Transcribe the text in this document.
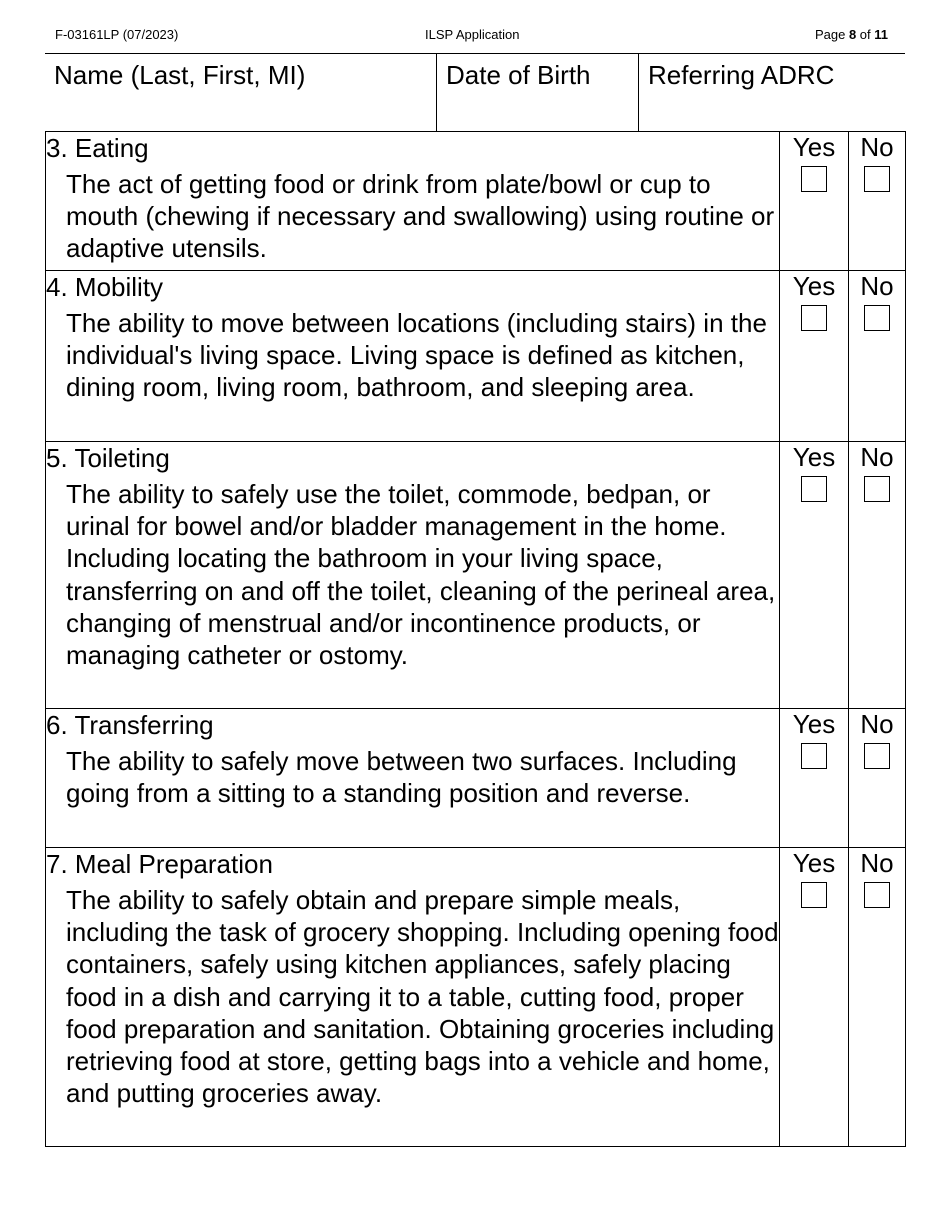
F-03161LP (07/2023)	ILSP Application	Page 8 of 11
Name (Last, First, MI)	Date of Birth	Referring ADRC
3. Eating
The act of getting food or drink from plate/bowl or cup to mouth (chewing if necessary and swallowing) using routine or adaptive utensils.	Yes	No

4. Mobility
The ability to move between locations (including stairs) in the individual's living space. Living space is defined as kitchen, dining room, living room, bathroom, and sleeping area.	Yes	No

5. Toileting
The ability to safely use the toilet, commode, bedpan, or urinal for bowel and/or bladder management in the home. Including locating the bathroom in your living space, transferring on and off the toilet, cleaning of the perineal area, changing of menstrual and/or incontinence products, or managing catheter or ostomy.	Yes	No

6. Transferring
The ability to safely move between two surfaces. Including going from a sitting to a standing position and reverse.	Yes	No

7. Meal Preparation
The ability to safely obtain and prepare simple meals, including the task of grocery shopping. Including opening food containers, safely using kitchen appliances, safely placing food in a dish and carrying it to a table, cutting food, proper food preparation and sanitation. Obtaining groceries including retrieving food at store, getting bags into a vehicle and home, and putting groceries away.	Yes	No
